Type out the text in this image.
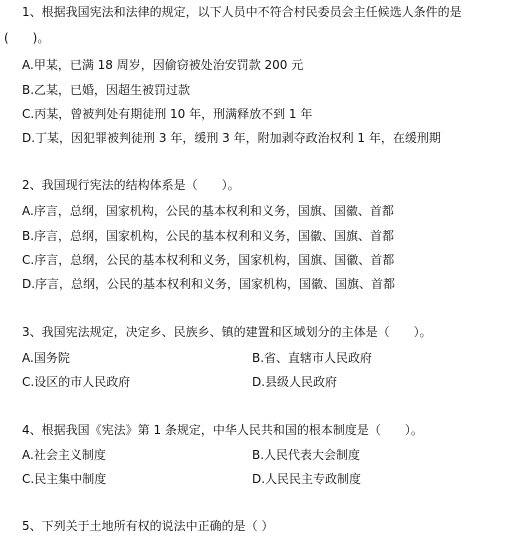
1、根据我国宪法和法律的规定，以下人员中不符合村民委员会主任候选人条件的是
(　　)。
A.甲某，已满 18 周岁，因偷窃被处治安罚款 200 元
B.乙某，已婚，因超生被罚过款
C.丙某，曾被判处有期徒刑 10 年，刑满释放不到 1 年
D.丁某，因犯罪被判徒刑 3 年，缓刑 3 年，附加剥夺政治权利 1 年，在缓刑期
2、我国现行宪法的结构体系是（　　）。
A.序言，总纲，国家机构，公民的基本权利和义务，国旗、国徽、首都
B.序言，总纲，国家机构，公民的基本权利和义务，国徽、国旗、首都
C.序言，总纲，公民的基本权利和义务，国家机构，国旗、国徽、首都
D.序言，总纲，公民的基本权利和义务，国家机构，国徽、国旗、首都
3、我国宪法规定，决定乡、民族乡、镇的建置和区域划分的主体是（　　）。
A.国务院	B.省、直辖市人民政府
C.设区的市人民政府	D.县级人民政府
4、根据我国《宪法》第 1 条规定，中华人民共和国的根本制度是（　　）。
A.社会主义制度	B.人民代表大会制度
C.民主集中制度	D.人民民主专政制度
5、下列关于土地所有权的说法中正确的是（ ）
